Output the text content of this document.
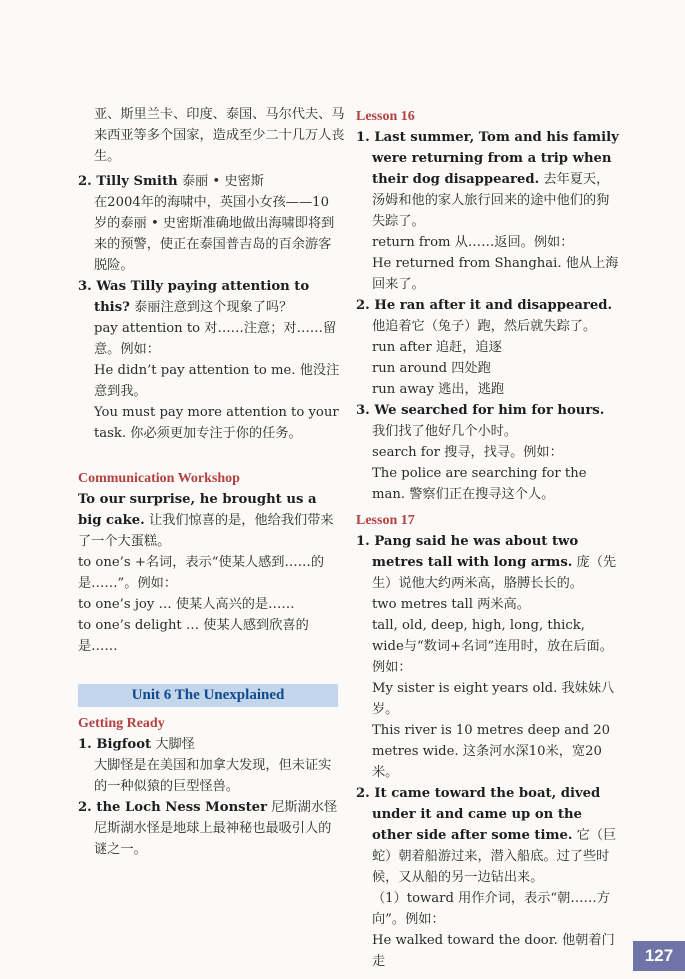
亚、斯里兰卡、印度、泰国、马尔代夫、马来西亚等多个国家，造成至少二十几万人丧生。
2. Tilly Smith 泰丽 • 史密斯
在2004年的海啸中，英国小女孩——10岁的泰丽 • 史密斯准确地做出海啸即将到来的预警，使正在泰国普吉岛的百余游客脱险。
3. Was Tilly paying attention to this? 泰丽注意到这个现象了吗？
pay attention to 对……注意；对……留意。例如：
He didn’t pay attention to me. 他没注意到我。
You must pay more attention to your task. 你必须更加专注于你的任务。
Communication Workshop
To our surprise, he brought us a big cake. 让我们惊喜的是，他给我们带来了一个大蛋糕。
to one’s +名词，表示“使某人感到……的是……”。例如：
to one’s joy … 使某人高兴的是……
to one’s delight … 使某人感到欣喜的是……
Getting Ready
1. Bigfoot 大脚怪
大脚怪是在美国和加拿大发现，但未证实的一种似猿的巨型怪兽。
2. the Loch Ness Monster 尼斯湖水怪
尼斯湖水怪是地球上最神秘也最吸引人的谜之一。
Unit 6 The Unexplained
Lesson 16
1. Last summer, Tom and his family were returning from a trip when their dog disappeared. 去年夏天，汤姆和他的家人旅行回来的途中他们的狗失踪了。
return from 从……返回。例如：
He returned from Shanghai. 他从上海回来了。
2. He ran after it and disappeared. 他追着它（兔子）跑，然后就失踪了。
run after 追赶，追逐
run around 四处跑
run away 逃出，逃跑
3. We searched for him for hours. 我们找了他好几个小时。
search for 搜寻，找寻。例如：
The police are searching for the man. 警察们正在搜寻这个人。
Lesson 17
1. Pang said he was about two metres tall with long arms. 庞（先生）说他大约两米高，胳膊长长的。
two metres tall 两米高。
tall, old, deep, high, long, thick, wide与“数词+名词”连用时，放在后面。例如：
My sister is eight years old. 我妹妹八岁。
This river is 10 metres deep and 20 metres wide. 这条河水深10米，宽20米。
2. It came toward the boat, dived under it and came up on the other side after some time. 它（巨蛇）朝着船游过来，潜入船底。过了些时候，又从船的另一边钻出来。
（1）toward 用作介词，表示“朝……方向”。例如：
He walked toward the door. 他朝着门走	127
